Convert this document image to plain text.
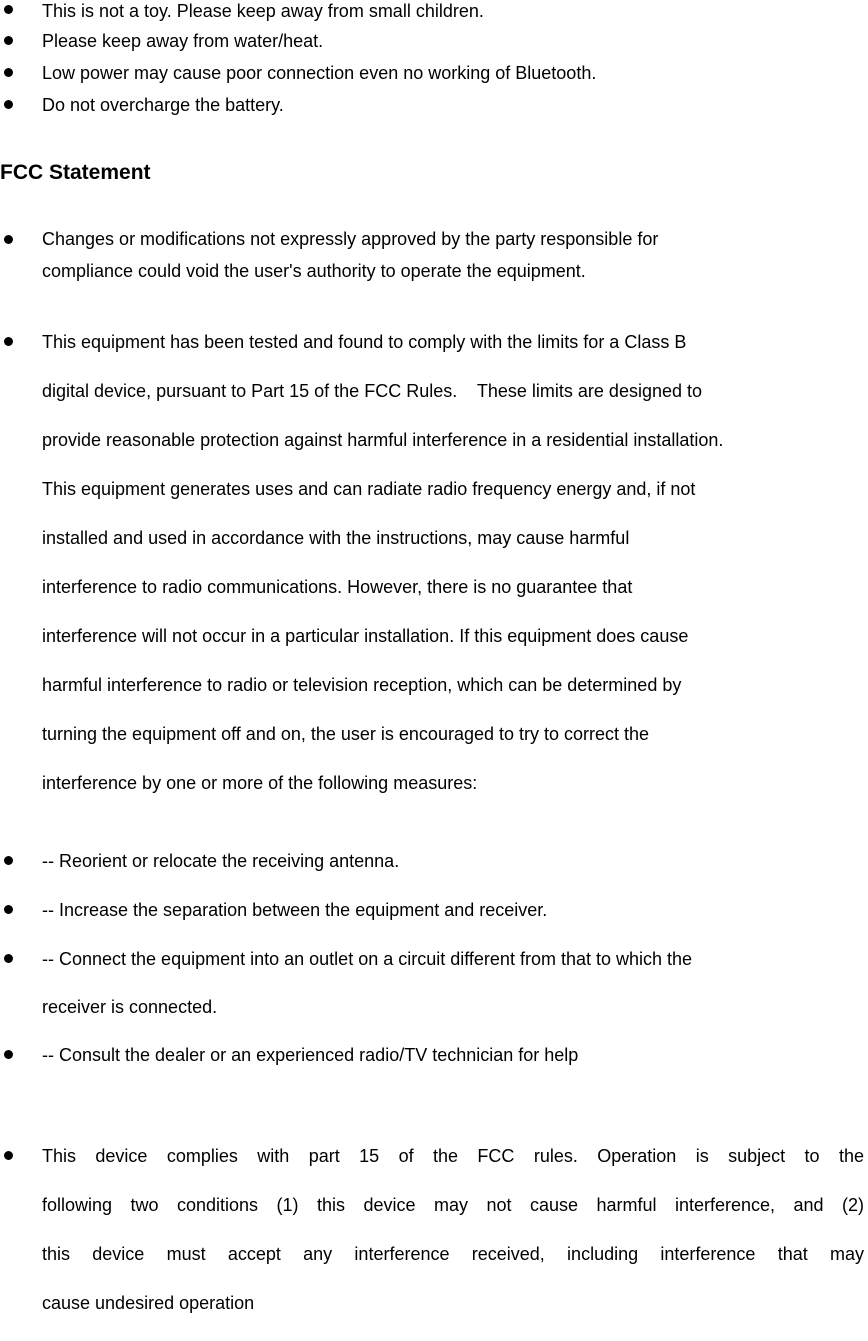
This is not a toy. Please keep away from small children.
Please keep away from water/heat.
Low power may cause poor connection even no working of Bluetooth.
Do not overcharge the battery.
FCC Statement
Changes or modifications not expressly approved by the party responsible for
compliance could void the user's authority to operate the equipment.
This equipment has been tested and found to comply with the limits for a Class B
digital device, pursuant to Part 15 of the FCC Rules.    These limits are designed to
provide reasonable protection against harmful interference in a residential installation.
This equipment generates uses and can radiate radio frequency energy and, if not
installed and used in accordance with the instructions, may cause harmful
interference to radio communications. However, there is no guarantee that
interference will not occur in a particular installation. If this equipment does cause
harmful interference to radio or television reception, which can be determined by
turning the equipment off and on, the user is encouraged to try to correct the
interference by one or more of the following measures:
-- Reorient or relocate the receiving antenna.
-- Increase the separation between the equipment and receiver.
-- Connect the equipment into an outlet on a circuit different from that to which the
receiver is connected.
-- Consult the dealer or an experienced radio/TV technician for help
This device complies with part 15 of the FCC rules. Operation is subject to the
following two conditions (1) this device may not cause harmful interference, and (2)
this device must accept any interference received, including interference that may
cause undesired operation
